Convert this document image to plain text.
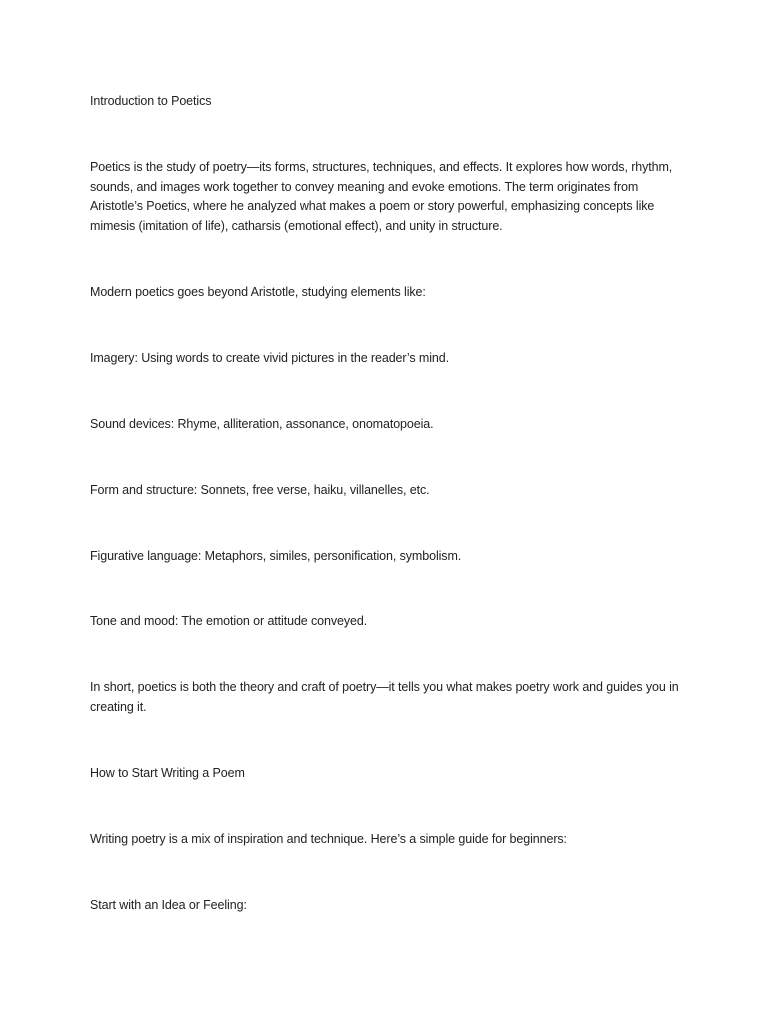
Introduction to Poetics

Poetics is the study of poetry—its forms, structures, techniques, and effects. It explores how words, rhythm, sounds, and images work together to convey meaning and evoke emotions. The term originates from Aristotle’s Poetics, where he analyzed what makes a poem or story powerful, emphasizing concepts like mimesis (imitation of life), catharsis (emotional effect), and unity in structure.

Modern poetics goes beyond Aristotle, studying elements like:

Imagery: Using words to create vivid pictures in the reader’s mind.

Sound devices: Rhyme, alliteration, assonance, onomatopoeia.

Form and structure: Sonnets, free verse, haiku, villanelles, etc.

Figurative language: Metaphors, similes, personification, symbolism.

Tone and mood: The emotion or attitude conveyed.

In short, poetics is both the theory and craft of poetry—it tells you what makes poetry work and guides you in creating it.

How to Start Writing a Poem

Writing poetry is a mix of inspiration and technique. Here’s a simple guide for beginners:

Start with an Idea or Feeling:
